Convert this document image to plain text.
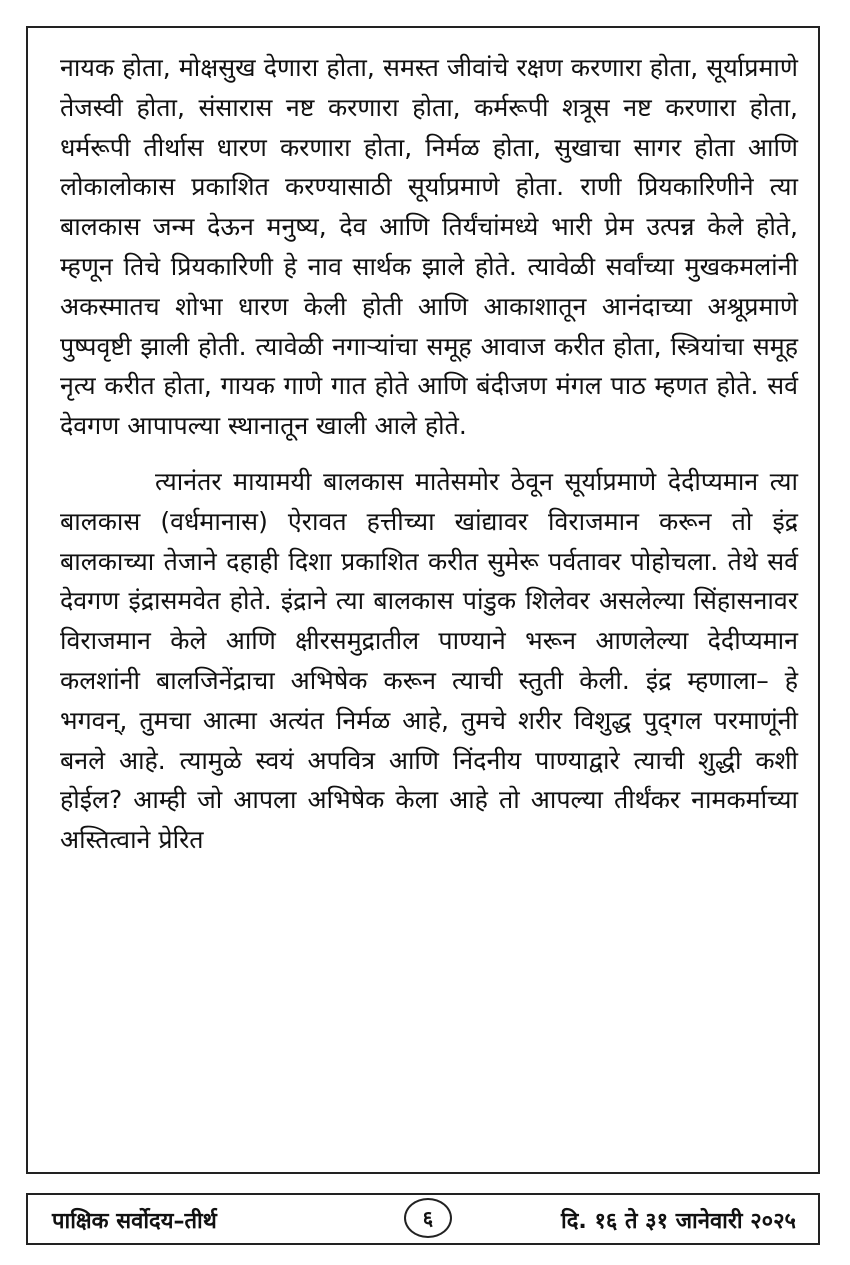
नायक होता, मोक्षसुख देणारा होता, समस्त जीवांचे रक्षण करणारा होता, सूर्याप्रमाणे तेजस्वी होता, संसारास नष्ट करणारा होता, कर्मरूपी शत्रूस नष्ट करणारा होता, धर्मरूपी तीर्थास धारण करणारा होता, निर्मळ होता, सुखाचा सागर होता आणि लोकालोकास प्रकाशित करण्यासाठी सूर्याप्रमाणे होता. राणी प्रियकारिणीने त्या बालकास जन्म देऊन मनुष्य, देव आणि तिर्यंचांमध्ये भारी प्रेम उत्पन्न केले होते, म्हणून तिचे प्रियकारिणी हे नाव सार्थक झाले होते. त्यावेळी सर्वांच्या मुखकमलांनी अकस्मातच शोभा धारण केली होती आणि आकाशातून आनंदाच्या अश्रूप्रमाणे पुष्पवृष्टी झाली होती. त्यावेळी नगाऱ्यांचा समूह आवाज करीत होता, स्त्रियांचा समूह नृत्य करीत होता, गायक गाणे गात होते आणि बंदीजण मंगल पाठ म्हणत होते. सर्व देवगण आपापल्या स्थानातून खाली आले होते.

त्यानंतर मायामयी बालकास मातेसमोर ठेवून सूर्याप्रमाणे देदीप्यमान त्या बालकास (वर्धमानास) ऐरावत हत्तीच्या खांद्यावर विराजमान करून तो इंद्र बालकाच्या तेजाने दहाही दिशा प्रकाशित करीत सुमेरू पर्वतावर पोहोचला. तेथे सर्व देवगण इंद्रासमवेत होते. इंद्राने त्या बालकास पांडुक शिलेवर असलेल्या सिंहासनावर विराजमान केले आणि क्षीरसमुद्रातील पाण्याने भरून आणलेल्या देदीप्यमान कलशांनी बालजिनेंद्राचा अभिषेक करून त्याची स्तुती केली. इंद्र म्हणाला– हे भगवन्, तुमचा आत्मा अत्यंत निर्मळ आहे, तुमचे शरीर विशुद्ध पुद्‌गल परमाणूंनी बनले आहे. त्यामुळे स्वयं अपवित्र आणि निंदनीय पाण्याद्वारे त्याची शुद्धी कशी होईल? आम्ही जो आपला अभिषेक केला आहे तो आपल्या तीर्थंकर नामकर्माच्या अस्तित्वाने प्रेरित

पाक्षिक सर्वोदय–तीर्थ	६	दि. १६ ते ३१ जानेवारी २०२५
